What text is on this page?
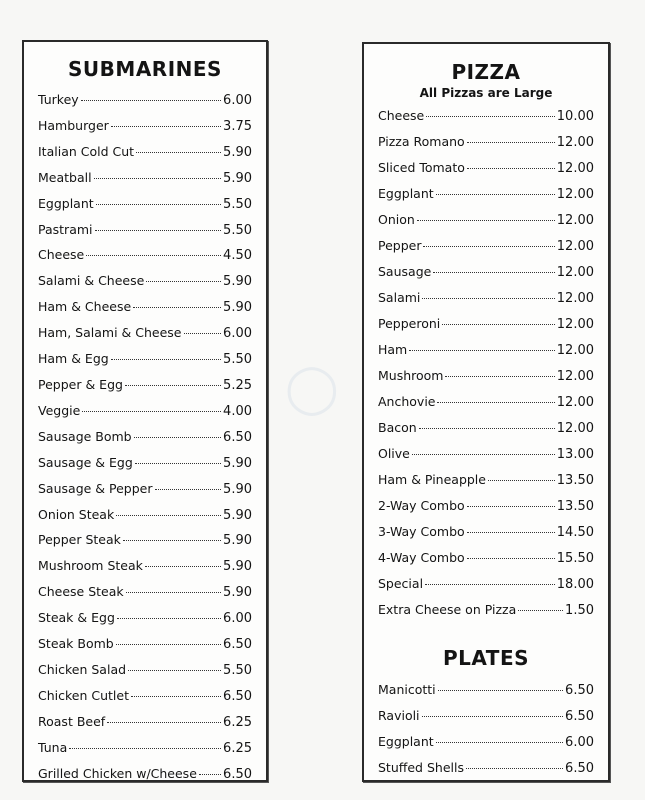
◯
SUBMARINES
Turkey	6.00
Hamburger	3.75
Italian Cold Cut	5.90
Meatball	5.90
Eggplant	5.50
Pastrami	5.50
Cheese	4.50
Salami & Cheese	5.90
Ham & Cheese	5.90
Ham, Salami & Cheese	6.00
Ham & Egg	5.50
Pepper & Egg	5.25
Veggie	4.00
Sausage Bomb	6.50
Sausage & Egg	5.90
Sausage & Pepper	5.90
Onion Steak	5.90
Pepper Steak	5.90
Mushroom Steak	5.90
Cheese Steak	5.90
Steak & Egg	6.00
Steak Bomb	6.50
Chicken Salad	5.50
Chicken Cutlet	6.50
Roast Beef	6.25
Tuna	6.25
Grilled Chicken w/Cheese 6.50
PIZZA

All Pizzas are Large

Cheese	10.00
Pizza Romano	12.00
Sliced Tomato	12.00
Eggplant	12.00
Onion	12.00
Pepper	12.00
Sausage	12.00
Salami	12.00
Pepperoni	12.00
Ham	12.00
Mushroom	12.00
Anchovie	12.00
Bacon	12.00
Olive	13.00
Ham & Pineapple	13.50
2-Way Combo	13.50
3-Way Combo	14.50
4-Way Combo	15.50
Special	18.00
Extra Cheese on Pizza	1.50
PLATES
Manicotti	6.50
Ravioli	6.50
Eggplant	6.00
Stuffed Shells	6.50
